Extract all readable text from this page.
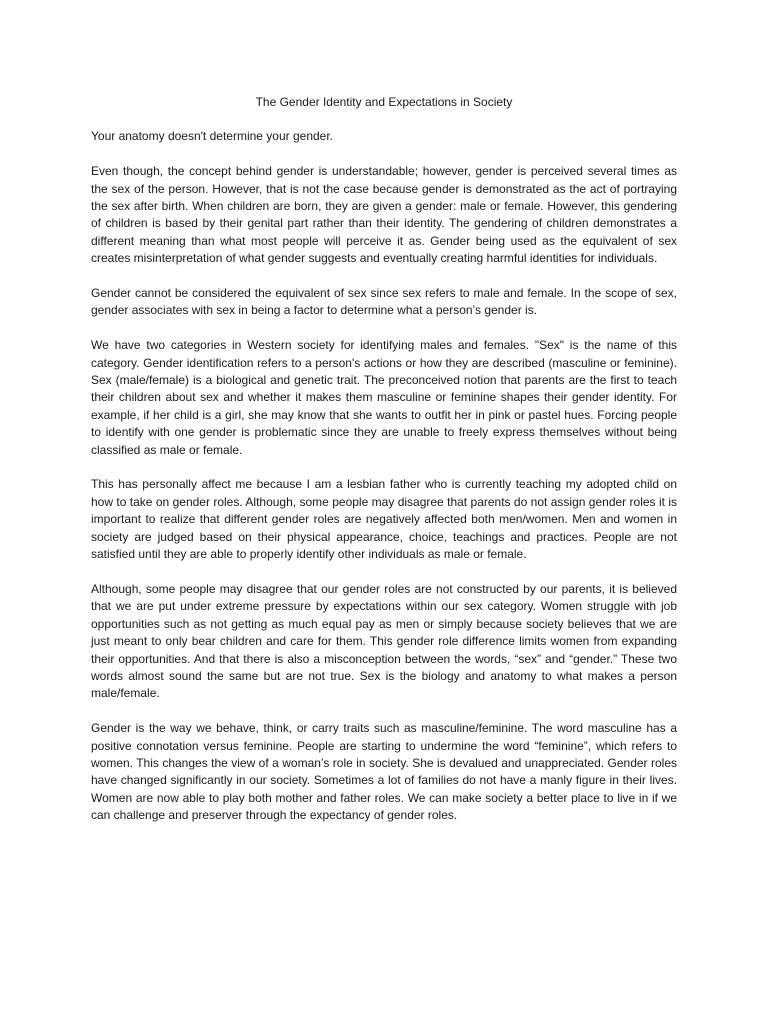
The Gender Identity and Expectations in Society
Your anatomy doesn't determine your gender.

Even though, the concept behind gender is understandable; however, gender is perceived several times as the sex of the person. However, that is not the case because gender is demonstrated as the act of portraying the sex after birth. When children are born, they are given a gender: male or female. However, this gendering of children is based by their genital part rather than their identity. The gendering of children demonstrates a different meaning than what most people will perceive it as. Gender being used as the equivalent of sex creates misinterpretation of what gender suggests and eventually creating harmful identities for individuals.

Gender cannot be considered the equivalent of sex since sex refers to male and female. In the scope of sex, gender associates with sex in being a factor to determine what a person’s gender is.

We have two categories in Western society for identifying males and females. "Sex" is the name of this category. Gender identification refers to a person's actions or how they are described (masculine or feminine). Sex (male/female) is a biological and genetic trait. The preconceived notion that parents are the first to teach their children about sex and whether it makes them masculine or feminine shapes their gender identity. For example, if her child is a girl, she may know that she wants to outfit her in pink or pastel hues. Forcing people to identify with one gender is problematic since they are unable to freely express themselves without being classified as male or female.

This has personally affect me because I am a lesbian father who is currently teaching my adopted child on how to take on gender roles. Although, some people may disagree that parents do not assign gender roles it is important to realize that different gender roles are negatively affected both men/women. Men and women in society are judged based on their physical appearance, choice, teachings and practices. People are not satisfied until they are able to properly identify other individuals as male or female.

Although, some people may disagree that our gender roles are not constructed by our parents, it is believed that we are put under extreme pressure by expectations within our sex category. Women struggle with job opportunities such as not getting as much equal pay as men or simply because society believes that we are just meant to only bear children and care for them. This gender role difference limits women from expanding their opportunities. And that there is also a misconception between the words, “sex” and “gender.” These two words almost sound the same but are not true. Sex is the biology and anatomy to what makes a person male/female.

Gender is the way we behave, think, or carry traits such as masculine/feminine. The word masculine has a positive connotation versus feminine. People are starting to undermine the word “feminine”, which refers to women. This changes the view of a woman’s role in society. She is devalued and unappreciated. Gender roles have changed significantly in our society. Sometimes a lot of families do not have a manly figure in their lives. Women are now able to play both mother and father roles. We can make society a better place to live in if we can challenge and preserver through the expectancy of gender roles.
